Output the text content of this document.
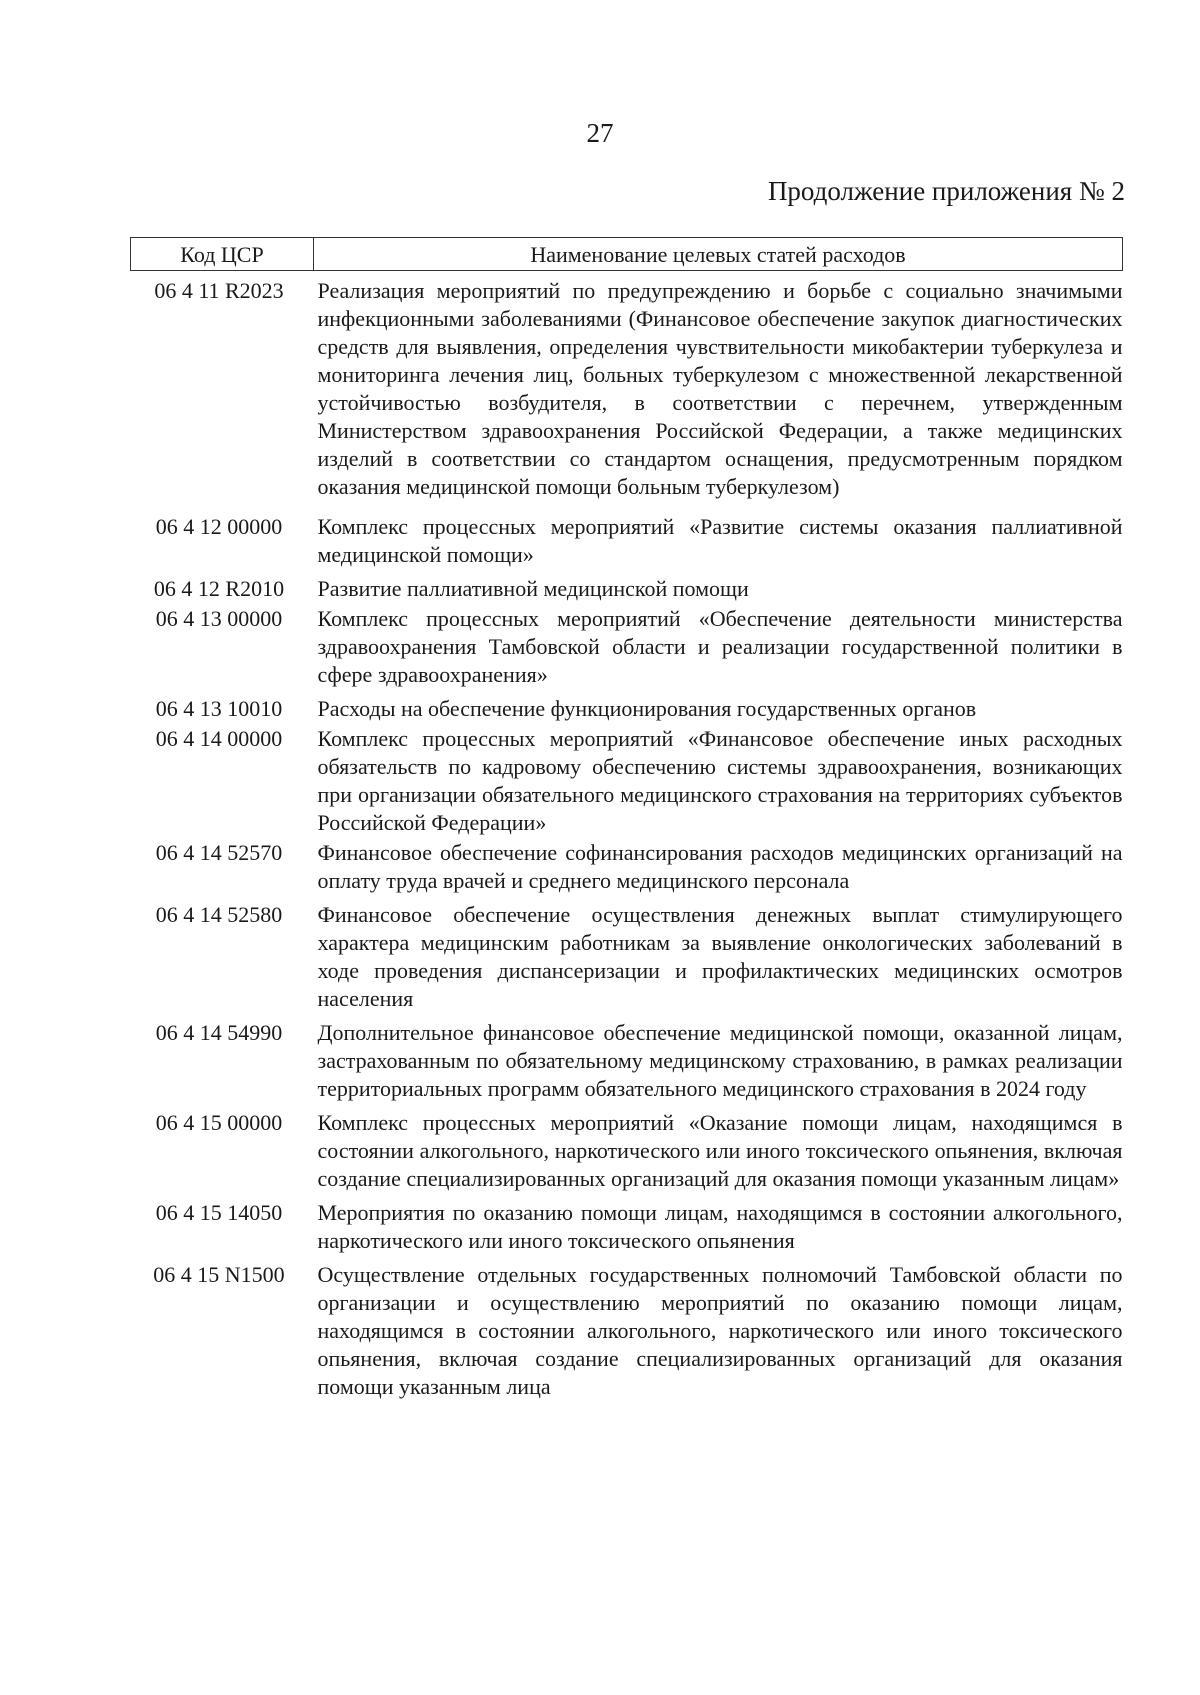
27
Продолжение приложения № 2
Код ЦСР	Наименование целевых статей расходов
06 4 11 R2023	Реализация мероприятий по предупреждению и борьбе с социально значимыми инфекционными заболеваниями (Финансовое обеспечение закупок диагностических средств для выявления, определения чувствительности микобактерии туберкулеза и мониторинга лечения лиц, больных туберкулезом с множественной лекарственной устойчивостью возбудителя, в соответствии с перечнем, утвержденным Министерством здравоохранения Российской Федерации, а также медицинских изделий в соответствии со стандартом оснащения, предусмотренным порядком оказания медицинской помощи больным туберкулезом)
06 4 12 00000	Комплекс процессных мероприятий «Развитие системы оказания паллиативной медицинской помощи»
06 4 12 R2010	Развитие паллиативной медицинской помощи
06 4 13 00000	Комплекс процессных мероприятий «Обеспечение деятельности министерства здравоохранения Тамбовской области и реализации государственной политики в сфере здравоохранения»
06 4 13 10010	Расходы на обеспечение функционирования государственных органов
06 4 14 00000	Комплекс процессных мероприятий «Финансовое обеспечение иных расходных обязательств по кадровому обеспечению системы здравоохранения, возникающих при организации обязательного медицинского страхования на территориях субъектов Российской Федерации»
06 4 14 52570	Финансовое обеспечение софинансирования расходов медицинских организаций на оплату труда врачей и среднего медицинского персонала
06 4 14 52580	Финансовое обеспечение осуществления денежных выплат стимулирующего характера медицинским работникам за выявление онкологических заболеваний в ходе проведения диспансеризации и профилактических медицинских осмотров населения
06 4 14 54990	Дополнительное финансовое обеспечение медицинской помощи, оказанной лицам, застрахованным по обязательному медицинскому страхованию, в рамках реализации территориальных программ обязательного медицинского страхования в 2024 году
06 4 15 00000	Комплекс процессных мероприятий «Оказание помощи лицам, находящимся в состоянии алкогольного, наркотического или иного токсического опьянения, включая создание специализированных организаций для оказания помощи указанным лицам»
06 4 15 14050	Мероприятия по оказанию помощи лицам, находящимся в состоянии алкогольного, наркотического или иного токсического опьянения
06 4 15 N1500	Осуществление отдельных государственных полномочий Тамбовской области по организации и осуществлению мероприятий по оказанию помощи лицам, находящимся в состоянии алкогольного, наркотического или иного токсического опьянения, включая создание специализированных организаций для оказания помощи указанным лица
